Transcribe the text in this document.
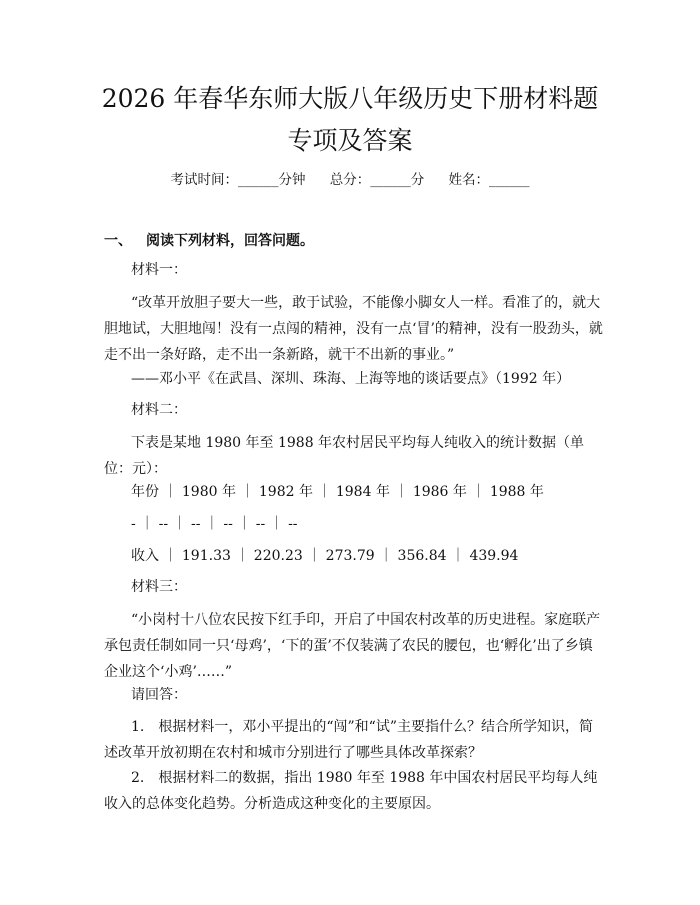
2026 年春华东师大版八年级历史下册材料题
专项及答案
考试时间：______分钟 总分：______分 姓名：______
一、 阅读下列材料，回答问题。
材料一：
“改革开放胆子要大一些，敢于试验，不能像小脚女人一样。看准了的，就大胆地试，大胆地闯！没有一点闯的精神，没有一点‘冒’的精神，没有一股劲头，就走不出一条好路，走不出一条新路，就干不出新的事业。”
——邓小平《在武昌、深圳、珠海、上海等地的谈话要点》（1992 年）
材料二：
下表是某地 1980 年至 1988 年农村居民平均每人纯收入的统计数据（单位：元）：
年份 ｜ 1980 年 ｜ 1982 年 ｜ 1984 年 ｜ 1986 年 ｜ 1988 年
- ｜ -- ｜ -- ｜ -- ｜ -- ｜ --
收入 ｜ 191.33 ｜ 220.23 ｜ 273.79 ｜ 356.84 ｜ 439.94
材料三：
“小岗村十八位农民按下红手印，开启了中国农村改革的历史进程。家庭联产承包责任制如同一只‘母鸡’，‘下的蛋’不仅装满了农民的腰包，也‘孵化’出了乡镇企业这个‘小鸡’……”
请回答：
1.　根据材料一，邓小平提出的“闯”和“试”主要指什么？结合所学知识，简述改革开放初期在农村和城市分别进行了哪些具体改革探索？
2.　根据材料二的数据，指出 1980 年至 1988 年中国农村居民平均每人纯收入的总体变化趋势。分析造成这种变化的主要原因。
